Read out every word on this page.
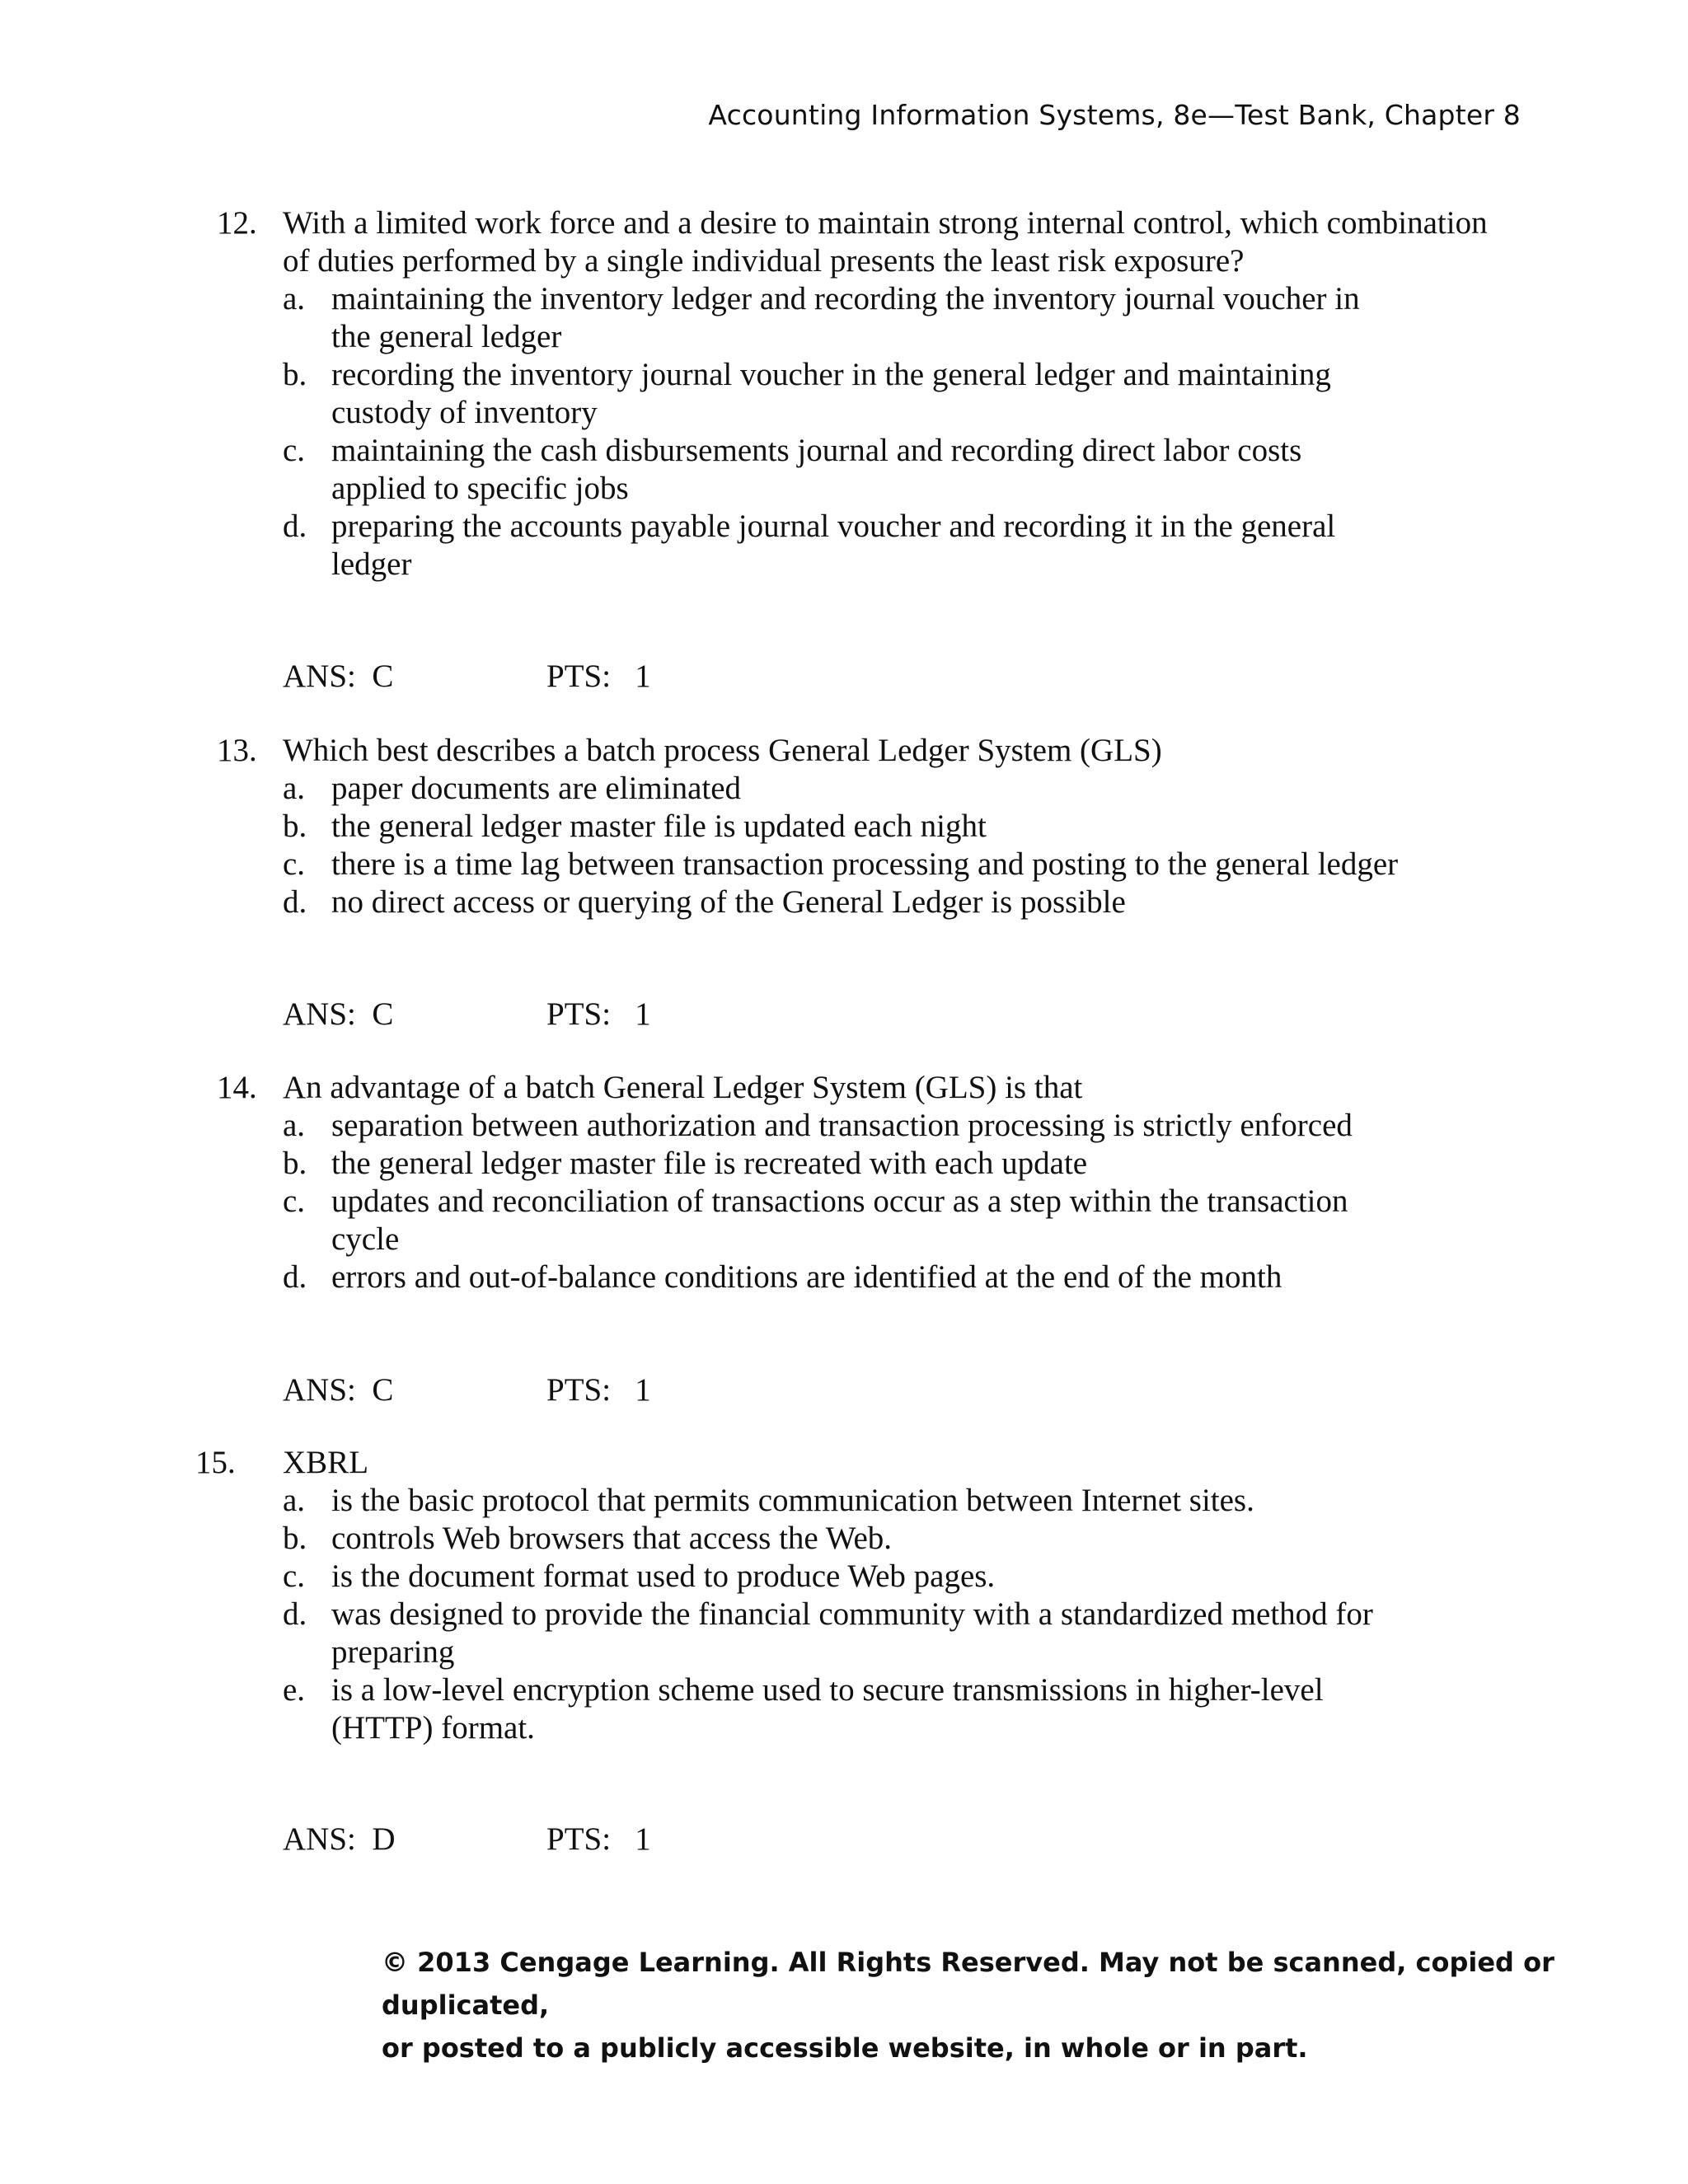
Accounting Information Systems, 8e—Test Bank, Chapter 8
12. With a limited work force and a desire to maintain strong internal control, which combination
of duties performed by a single individual presents the least risk exposure?
a. maintaining the inventory ledger and recording the inventory journal voucher in
the general ledger
b. recording the inventory journal voucher in the general ledger and maintaining
custody of inventory
c. maintaining the cash disbursements journal and recording direct labor costs
applied to specific jobs
d. preparing the accounts payable journal voucher and recording it in the general
ledger
ANS:  C	PTS:   1
13. Which best describes a batch process General Ledger System (GLS)
a. paper documents are eliminated
b. the general ledger master file is updated each night
c. there is a time lag between transaction processing and posting to the general ledger
d. no direct access or querying of the General Ledger is possible
ANS:  C	PTS:   1
14. An advantage of a batch General Ledger System (GLS) is that
a. separation between authorization and transaction processing is strictly enforced
b. the general ledger master file is recreated with each update
c. updates and reconciliation of transactions occur as a step within the transaction
cycle
d. errors and out-of-balance conditions are identified at the end of the month
ANS:  C	PTS:   1
15. XBRL
a. is the basic protocol that permits communication between Internet sites.
b. controls Web browsers that access the Web.
c. is the document format used to produce Web pages.
d. was designed to provide the financial community with a standardized method for
preparing
e. is a low-level encryption scheme used to secure transmissions in higher-level
(HTTP) format.
ANS:  D	PTS:   1
© 2013 Cengage Learning. All Rights Reserved. May not be scanned, copied or duplicated,
or posted to a publicly accessible website, in whole or in part.
